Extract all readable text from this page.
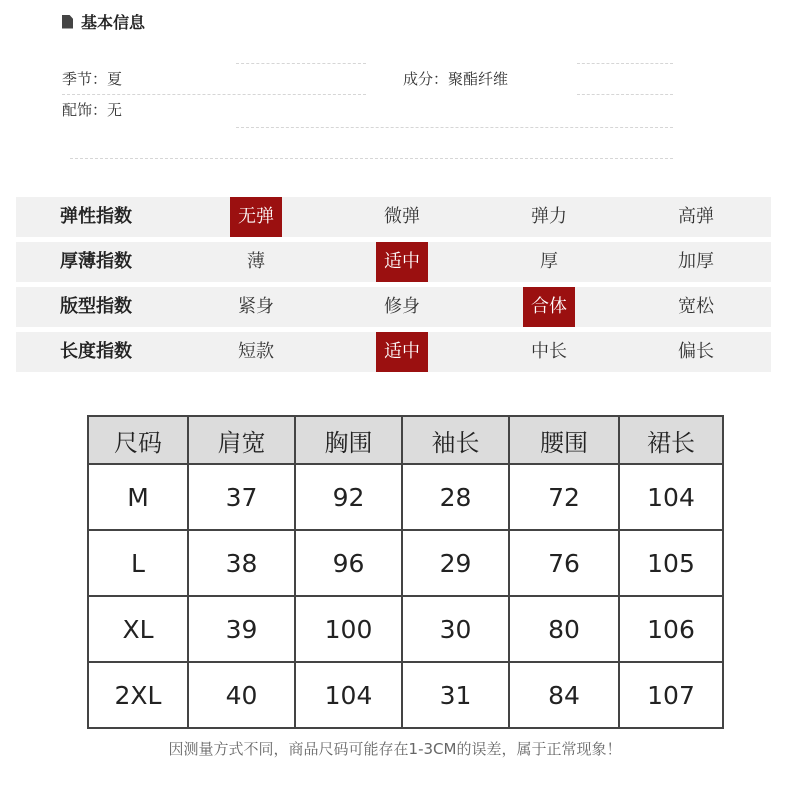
基本信息
季节：夏	成分：聚酯纤维
配饰：无
弹性指数	无弹	微弹	弹力	高弹
厚薄指数	薄	适中	厚	加厚
版型指数	紧身	修身	合体	宽松
长度指数	短款	适中	中长	偏长
尺码	肩宽	胸围	袖长	腰围	裙长
M	37	92	28	72	104
L	38	96	29	76	105
XL	39	100	30	80	106
2XL	40	104	31	84	107
因测量方式不同，商品尺码可能存在1-3CM的误差，属于正常现象！
